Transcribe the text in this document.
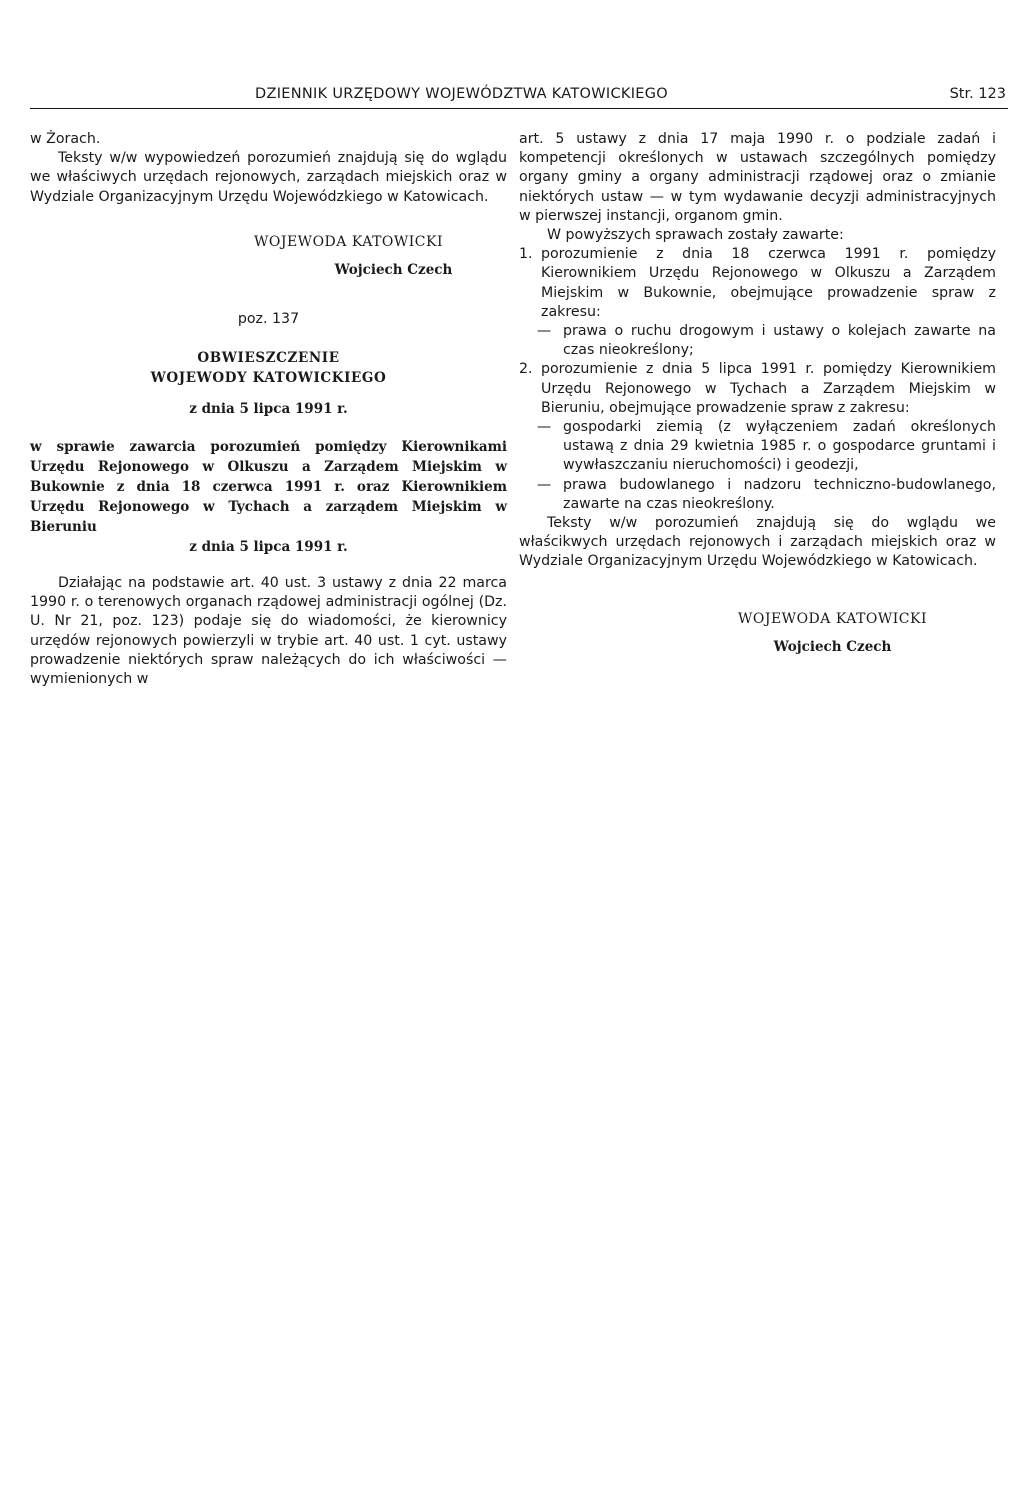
DZIENNIK URZĘDOWY WOJEWÓDZTWA KATOWICKIEGO	Str. 123

w Żorach.

Teksty w/w wypowiedzeń porozumień znajdują się do wglądu we właściwych urzędach rejonowych, zarządach miejskich oraz w Wydziale Organizacyjnym Urzędu Wojewódzkiego w Katowicach.

WOJEWODA KATOWICKI

Wojciech Czech

poz. 137

OBWIESZCZENIE

WOJEWODY KATOWICKIEGO

z dnia 5 lipca 1991 r.

w sprawie zawarcia porozumień pomiędzy Kierownikami Urzędu Rejonowego w Olkuszu a Zarządem Miejskim w Bukownie z dnia 18 czerwca 1991 r. oraz Kierownikiem Urzędu Rejonowego w Tychach a zarządem Miejskim w Bieruniu

z dnia 5 lipca 1991 r.

Działając na podstawie art. 40 ust. 3 ustawy z dnia 22 marca 1990 r. o terenowych organach rządowej administracji ogólnej (Dz. U. Nr 21, poz. 123) podaje się do wiadomości, że kierownicy urzędów rejonowych powierzyli w trybie art. 40 ust. 1 cyt. ustawy prowadzenie niektórych spraw należących do ich właściwości — wymienionych w

art. 5 ustawy z dnia 17 maja 1990 r. o podziale zadań i kompetencji określonych w ustawach szczególnych pomiędzy organy gminy a organy administracji rządowej oraz o zmianie niektórych ustaw — w tym wydawanie decyzji administracyjnych w pierwszej instancji, organom gmin.

W powyższych sprawach zostały zawarte:

1. porozumienie z dnia 18 czerwca 1991 r. pomiędzy Kierownikiem Urzędu Rejonowego w Olkuszu a Zarządem Miejskim w Bukownie, obejmujące prowadzenie spraw z zakresu:

— prawa o ruchu drogowym i ustawy o kolejach zawarte na czas nieokreślony;

2. porozumienie z dnia 5 lipca 1991 r. pomiędzy Kierownikiem Urzędu Rejonowego w Tychach a Zarządem Miejskim w Bieruniu, obejmujące prowadzenie spraw z zakresu:

— gospodarki ziemią (z wyłączeniem zadań określonych ustawą z dnia 29 kwietnia 1985 r. o gospodarce gruntami i wywłaszczaniu nieruchomości) i geodezji,

— prawa budowlanego i nadzoru techniczno-budowlanego, zawarte na czas nieokreślony.

Teksty w/w porozumień znajdują się do wglądu we właścikwych urzędach rejonowych i zarządach miejskich oraz w Wydziale Organizacyjnym Urzędu Wojewódzkiego w Katowicach.

WOJEWODA KATOWICKI

Wojciech Czech
